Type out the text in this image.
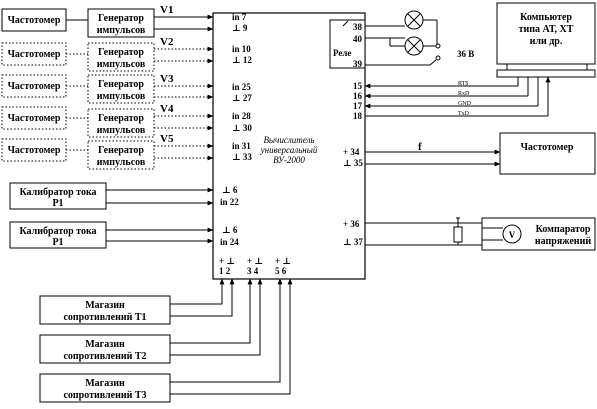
Вычислитель
универсальный
ВУ-2000
Частотомер	Генератор
импульсов
V1
in 7
⊥ 9
Частотомер	Генератор
импульсов
V2
in 10
⊥ 12
Частотомер	Генератор
импульсов
V3
in 25
⊥ 27
Частотомер	Генератор
импульсов
V4
in 28
⊥ 30
Частотомер	Генератор
импульсов
V5
in 31
⊥ 33
Калибратор тока
Р1
⊥ 6
in 22
Калибратор тока
Р1
⊥ 6
in 24
Реле
38
40
39
36 В
Компьютер
типа АТ, ХТ
или др.
15
16
17
18
RTS
RxD
GND
TxD
+ 34
⊥ 35
f	Частотомер
+ 36
⊥ 37
V Компаратор
напряжений
+ ⊥
1 2
+ ⊥
3 4
+ ⊥
5 6
Магазин
сопротивлений Т1
Магазин
сопротивлений Т2
Магазин
сопротивлений Т3
